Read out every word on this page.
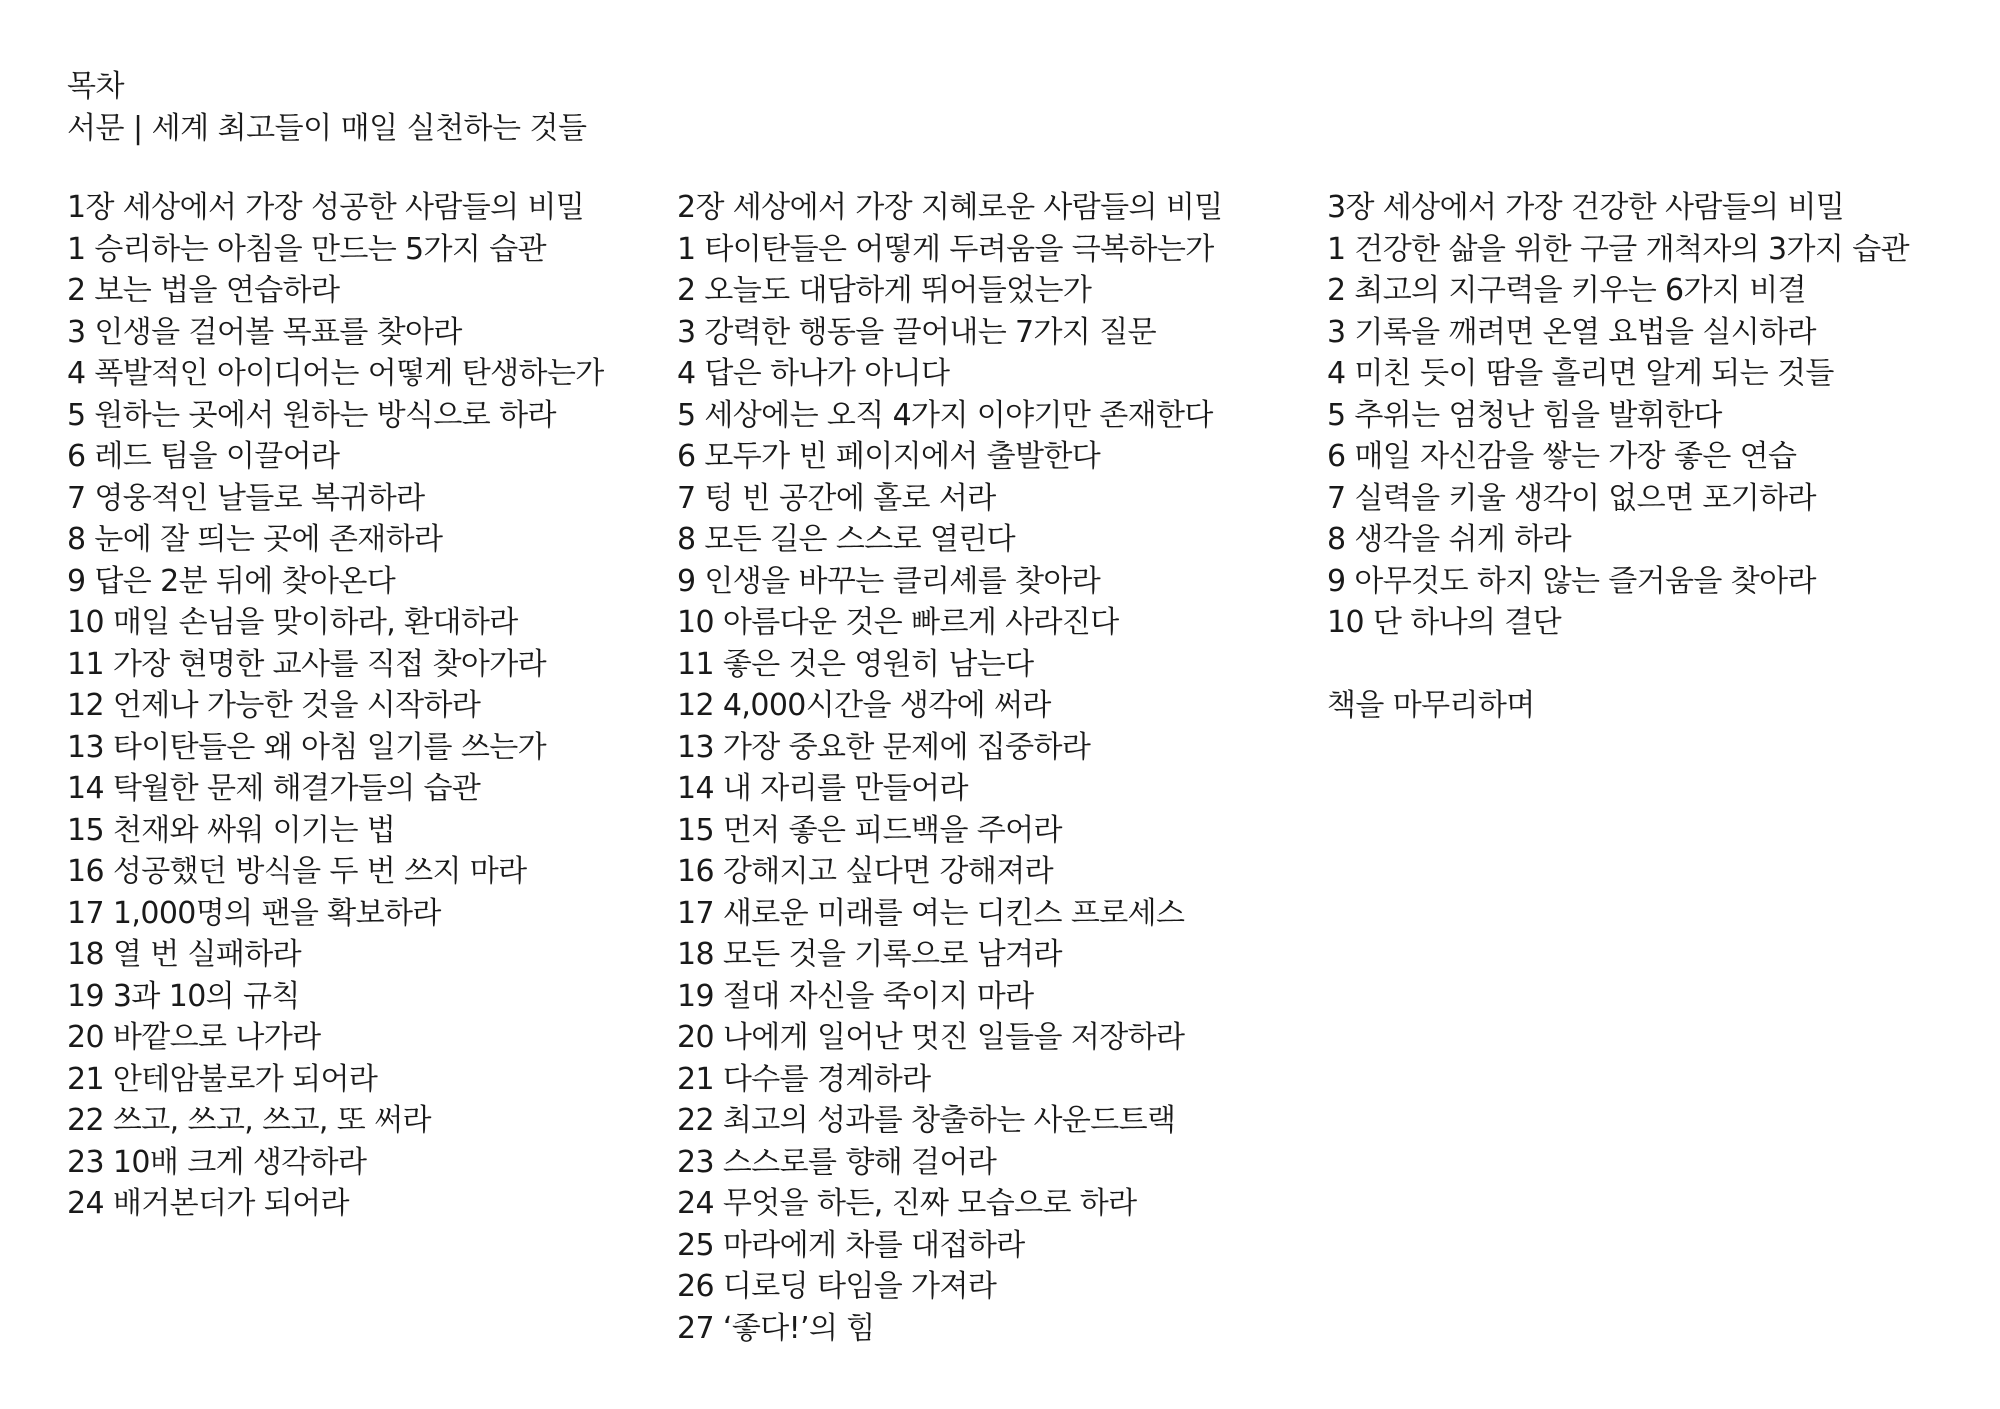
목차
서문 | 세계 최고들이 매일 실천하는 것들
1장 세상에서 가장 성공한 사람들의 비밀
1 승리하는 아침을 만드는 5가지 습관
2 보는 법을 연습하라
3 인생을 걸어볼 목표를 찾아라
4 폭발적인 아이디어는 어떻게 탄생하는가
5 원하는 곳에서 원하는 방식으로 하라
6 레드 팀을 이끌어라
7 영웅적인 날들로 복귀하라
8 눈에 잘 띄는 곳에 존재하라
9 답은 2분 뒤에 찾아온다
10 매일 손님을 맞이하라, 환대하라
11 가장 현명한 교사를 직접 찾아가라
12 언제나 가능한 것을 시작하라
13 타이탄들은 왜 아침 일기를 쓰는가
14 탁월한 문제 해결가들의 습관
15 천재와 싸워 이기는 법
16 성공했던 방식을 두 번 쓰지 마라
17 1,000명의 팬을 확보하라
18 열 번 실패하라
19 3과 10의 규칙
20 바깥으로 나가라
21 안테암불로가 되어라
22 쓰고, 쓰고, 쓰고, 또 써라
23 10배 크게 생각하라
24 배거본더가 되어라
2장 세상에서 가장 지혜로운 사람들의 비밀
1 타이탄들은 어떻게 두려움을 극복하는가
2 오늘도 대담하게 뛰어들었는가
3 강력한 행동을 끌어내는 7가지 질문
4 답은 하나가 아니다
5 세상에는 오직 4가지 이야기만 존재한다
6 모두가 빈 페이지에서 출발한다
7 텅 빈 공간에 홀로 서라
8 모든 길은 스스로 열린다
9 인생을 바꾸는 클리셰를 찾아라
10 아름다운 것은 빠르게 사라진다
11 좋은 것은 영원히 남는다
12 4,000시간을 생각에 써라
13 가장 중요한 문제에 집중하라
14 내 자리를 만들어라
15 먼저 좋은 피드백을 주어라
16 강해지고 싶다면 강해져라
17 새로운 미래를 여는 디킨스 프로세스
18 모든 것을 기록으로 남겨라
19 절대 자신을 죽이지 마라
20 나에게 일어난 멋진 일들을 저장하라
21 다수를 경계하라
22 최고의 성과를 창출하는 사운드트랙
23 스스로를 향해 걸어라
24 무엇을 하든, 진짜 모습으로 하라
25 마라에게 차를 대접하라
26 디로딩 타임을 가져라
27 ‘좋다!’의 힘
3장 세상에서 가장 건강한 사람들의 비밀
1 건강한 삶을 위한 구글 개척자의 3가지 습관
2 최고의 지구력을 키우는 6가지 비결
3 기록을 깨려면 온열 요법을 실시하라
4 미친 듯이 땀을 흘리면 알게 되는 것들
5 추위는 엄청난 힘을 발휘한다
6 매일 자신감을 쌓는 가장 좋은 연습
7 실력을 키울 생각이 없으면 포기하라
8 생각을 쉬게 하라
9 아무것도 하지 않는 즐거움을 찾아라
10 단 하나의 결단
책을 마무리하며
